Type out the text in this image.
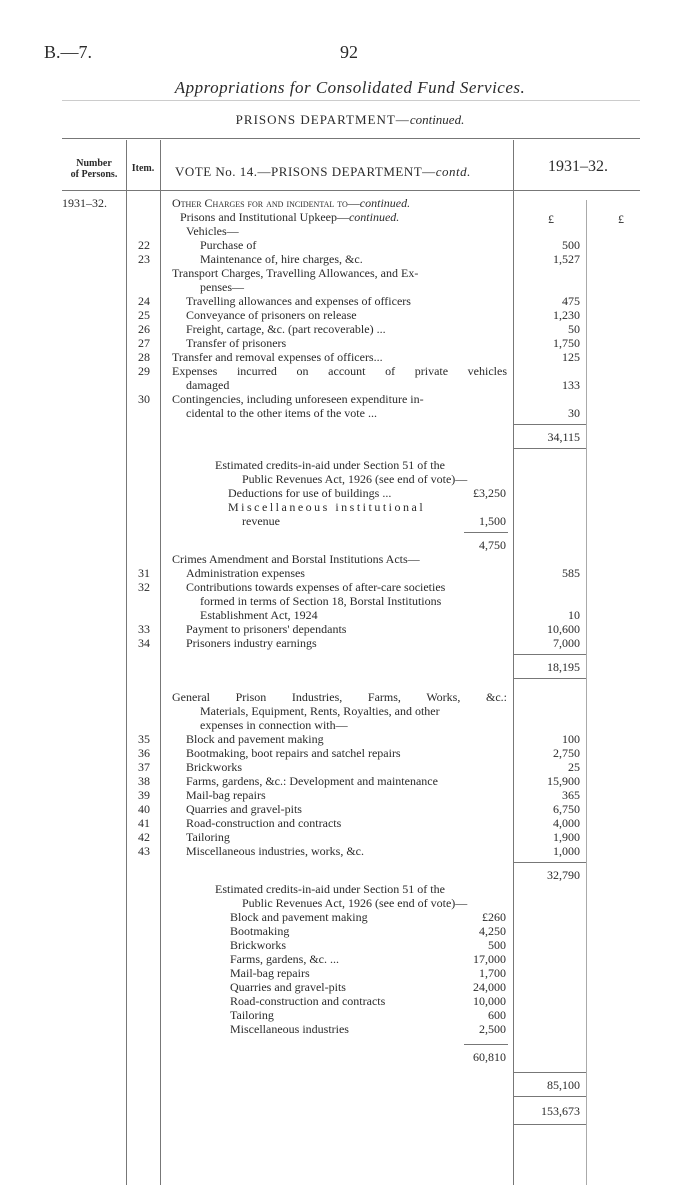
B.—7.	92
Appropriations for Consolidated Fund Services.
PRISONS DEPARTMENT—continued.
Number
of Persons.
Item. VOTE No. 14.—PRISONS DEPARTMENT—contd.	1931–32.
1931–32.	Other Charges for and incidental to—continued.
Prisons and Institutional Upkeep—continued.	£	£
Vehicles—
22	Purchase of	500
23	Maintenance of, hire charges, &c.	1,527
Transport Charges, Travelling Allowances, and Ex-
penses—
24	Travelling allowances and expenses of officers	475
25	Conveyance of prisoners on release	1,230
26	Freight, cartage, &c. (part recoverable) ...	50
27	Transfer of prisoners	1,750
28	Transfer and removal expenses of officers...	125
29	Expenses incurred on account of private vehicles
damaged	133
30	Contingencies, including unforeseen expenditure in-
cidental to the other items of the vote ...	30
34,115
Estimated credits-in-aid under Section 51 of the
Public Revenues Act, 1926 (see end of vote)—
Deductions for use of buildings ...	£3,250
Miscellaneous institutional
revenue	1,500
4,750
Crimes Amendment and Borstal Institutions Acts—
31	Administration expenses	585
32	Contributions towards expenses of after-care societies
formed in terms of Section 18, Borstal Institutions
Establishment Act, 1924	10
33	Payment to prisoners' dependants	10,600
34	Prisoners industry earnings	7,000
18,195
General Prison Industries, Farms, Works, &c.:
Materials, Equipment, Rents, Royalties, and other
expenses in connection with—
35	Block and pavement making	100
36	Bootmaking, boot repairs and satchel repairs	2,750
37	Brickworks	25
38	Farms, gardens, &c.: Development and maintenance	15,900
39	Mail-bag repairs	365
40	Quarries and gravel-pits	6,750
41	Road-construction and contracts	4,000
42	Tailoring	1,900
43	Miscellaneous industries, works, &c.	1,000
32,790
Estimated credits-in-aid under Section 51 of the
Public Revenues Act, 1926 (see end of vote)—
Block and pavement making	£260
Bootmaking	4,250
Brickworks	500
Farms, gardens, &c. ...	17,000
Mail-bag repairs	1,700
Quarries and gravel-pits	24,000
Road-construction and contracts	10,000
Tailoring	600
Miscellaneous industries	2,500
60,810
85,100
153,673
